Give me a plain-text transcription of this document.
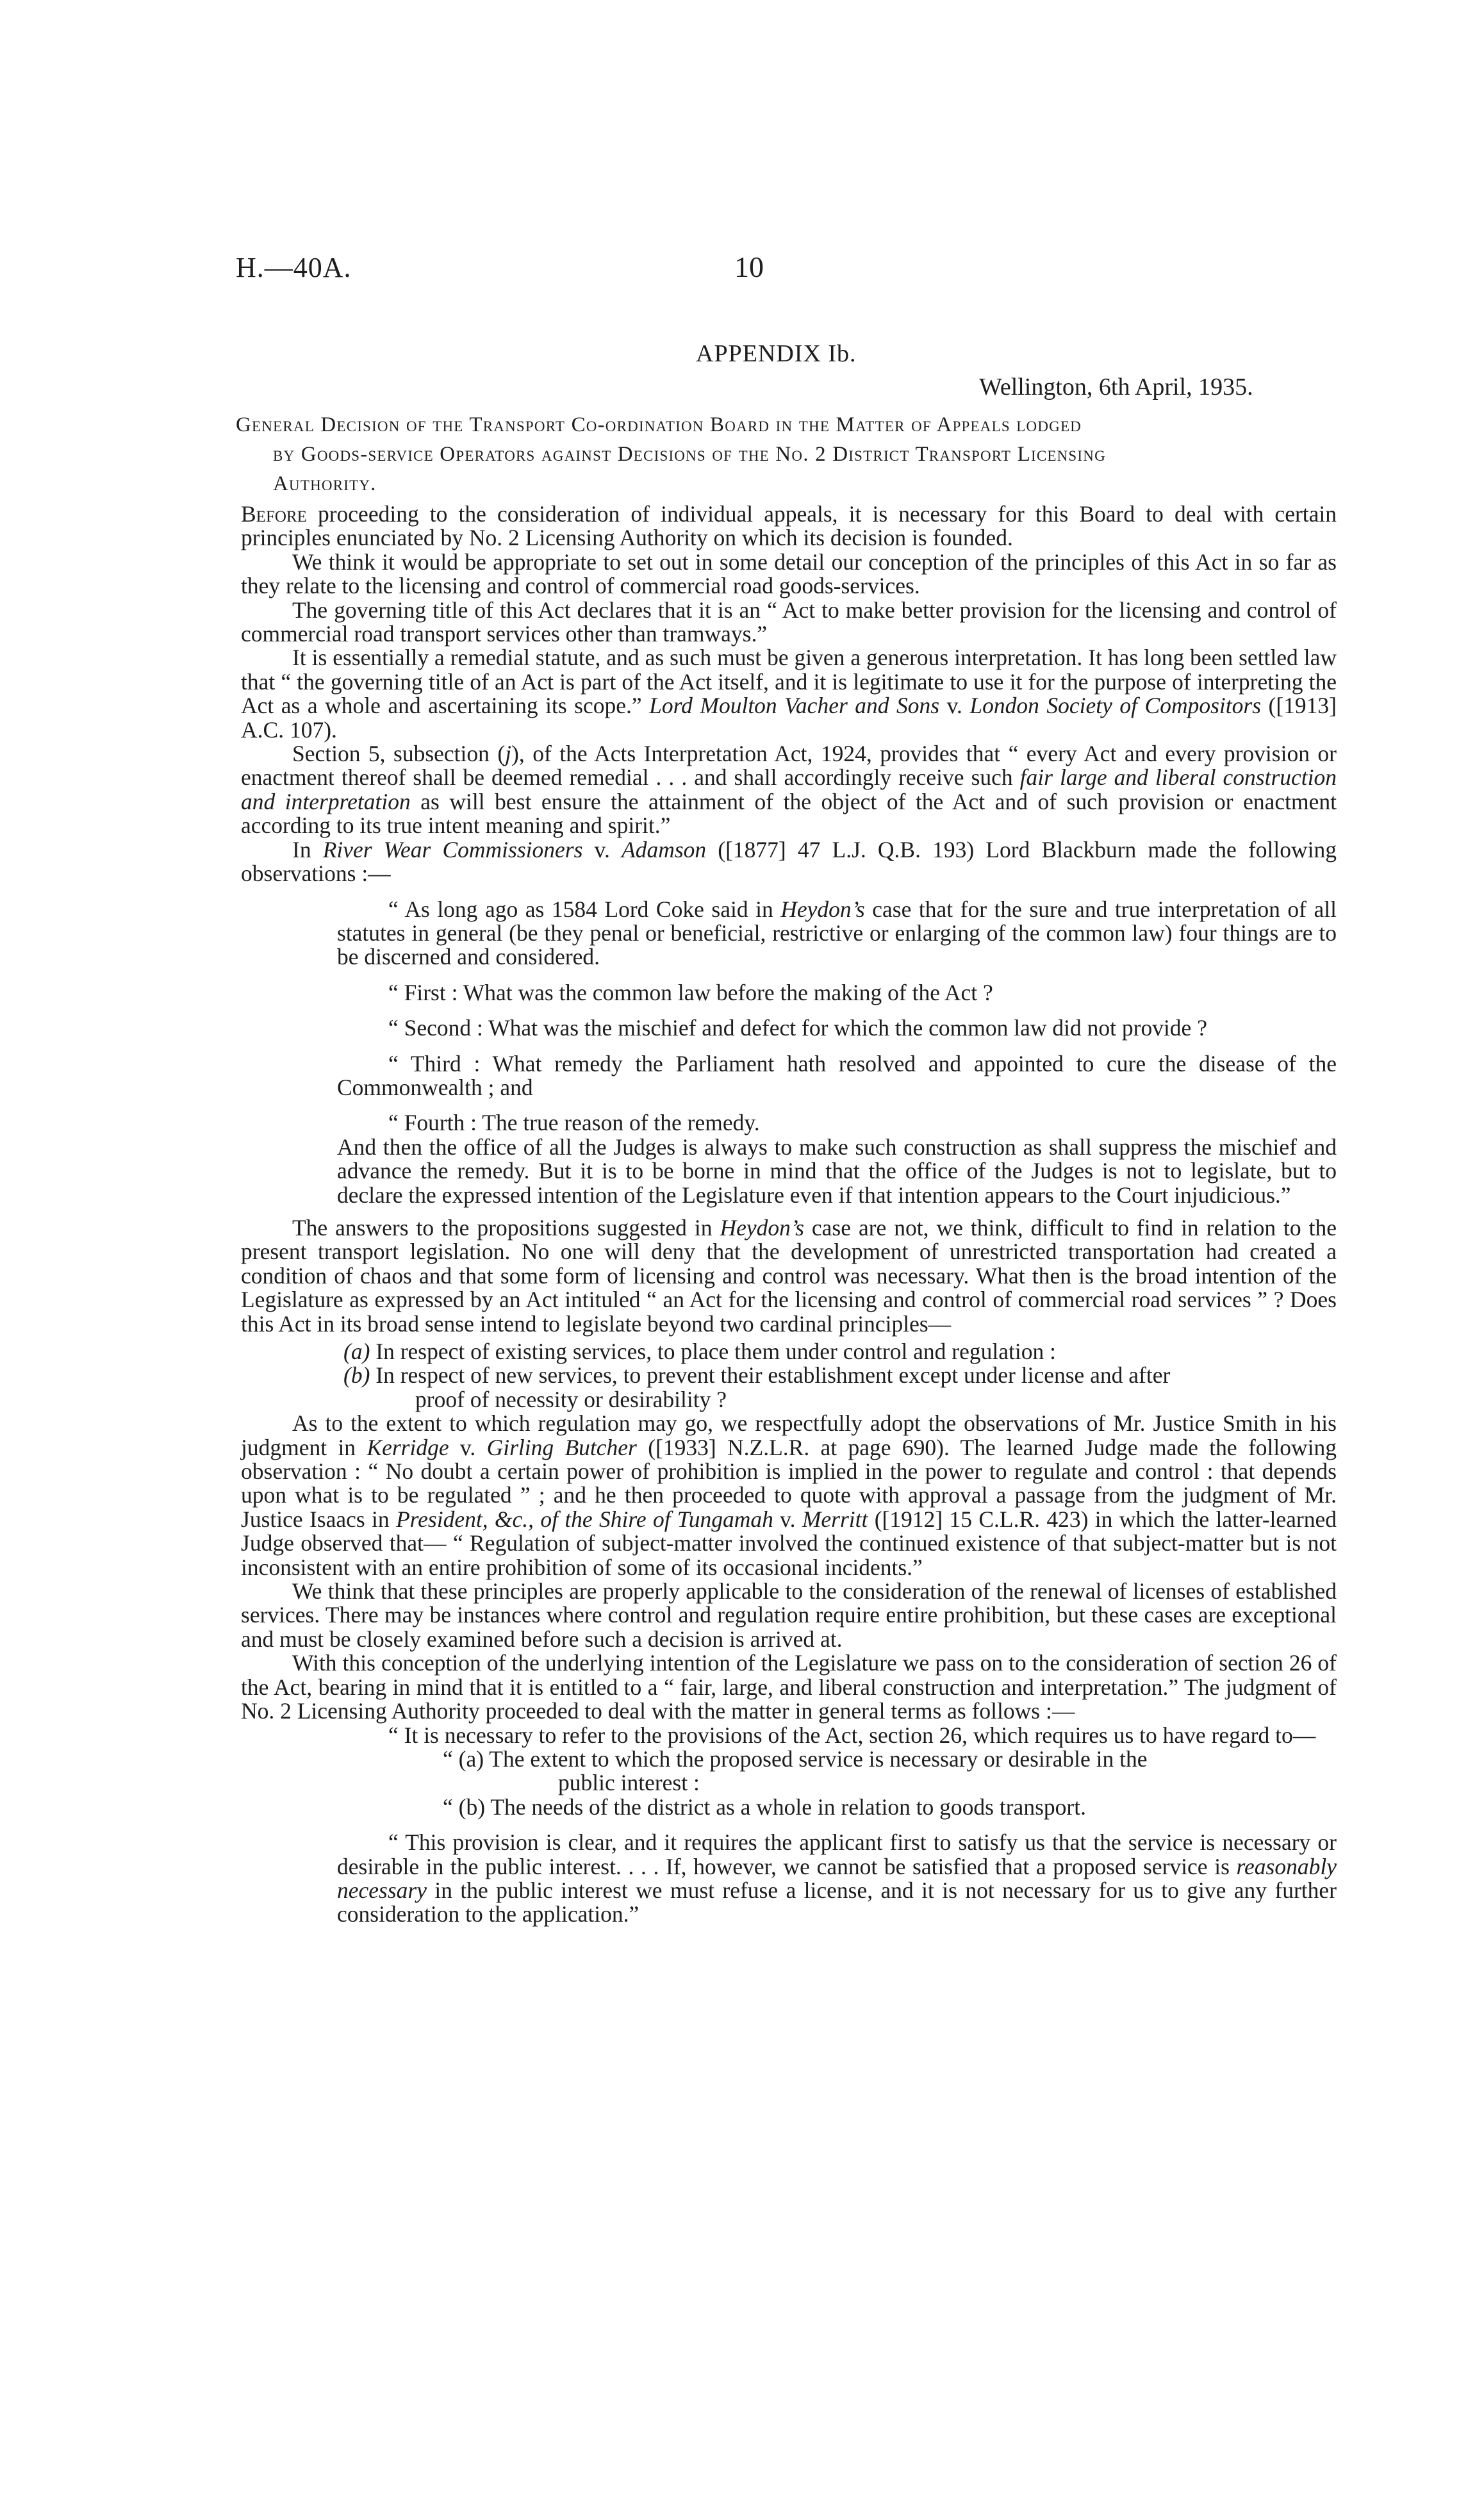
H.—40A.	10
APPENDIX Ib.
Wellington, 6th April, 1935.
General Decision of the Transport Co-ordination Board in the Matter of Appeals lodged
by Goods-service Operators against Decisions of the No. 2 District Transport Licensing
Authority.

Before proceeding to the consideration of individual appeals, it is necessary for this Board to deal with certain principles enunciated by No. 2 Licensing Authority on which its decision is founded.

We think it would be appropriate to set out in some detail our conception of the principles of this Act in so far as they relate to the licensing and control of commercial road goods-services.

The governing title of this Act declares that it is an “ Act to make better provision for the licensing and control of commercial road transport services other than tramways.”

It is essentially a remedial statute, and as such must be given a generous interpretation. It has long been settled law that “ the governing title of an Act is part of the Act itself, and it is legitimate to use it for the purpose of interpreting the Act as a whole and ascertaining its scope.” Lord Moulton Vacher and Sons v. London Society of Compositors ([1913] A.C. 107).

Section 5, subsection (j), of the Acts Interpretation Act, 1924, provides that “ every Act and every provision or enactment thereof shall be deemed remedial . . . and shall accordingly receive such fair large and liberal construction and interpretation as will best ensure the attainment of the object of the Act and of such provision or enactment according to its true intent meaning and spirit.”

In River Wear Commissioners v. Adamson ([1877] 47 L.J. Q.B. 193) Lord Blackburn made the following observations :—

“ As long ago as 1584 Lord Coke said in Heydon’s case that for the sure and true interpretation of all statutes in general (be they penal or beneficial, restrictive or enlarging of the common law) four things are to be discerned and considered.
“ First : What was the common law before the making of the Act ?
“ Second : What was the mischief and defect for which the common law did not provide ?
“ Third : What remedy the Parliament hath resolved and appointed to cure the disease of the Commonwealth ; and
“ Fourth : The true reason of the remedy.
And then the office of all the Judges is always to make such construction as shall suppress the mischief and advance the remedy. But it is to be borne in mind that the office of the Judges is not to legislate, but to declare the expressed intention of the Legislature even if that intention appears to the Court injudicious.”

The answers to the propositions suggested in Heydon’s case are not, we think, difficult to find in relation to the present transport legislation. No one will deny that the development of unrestricted transportation had created a condition of chaos and that some form of licensing and control was necessary. What then is the broad intention of the Legislature as expressed by an Act intituled “ an Act for the licensing and control of commercial road services ” ? Does this Act in its broad sense intend to legislate beyond two cardinal principles—

(a) In respect of existing services, to place them under control and regulation :
(b) In respect of new services, to prevent their establishment except under license and after
proof of necessity or desirability ?

As to the extent to which regulation may go, we respectfully adopt the observations of Mr. Justice Smith in his judgment in Kerridge v. Girling Butcher ([1933] N.Z.L.R. at page 690). The learned Judge made the following observation : “ No doubt a certain power of prohibition is implied in the power to regulate and control : that depends upon what is to be regulated ” ; and he then proceeded to quote with approval a passage from the judgment of Mr. Justice Isaacs in President, &c., of the Shire of Tungamah v. Merritt ([1912] 15 C.L.R. 423) in which the latter-learned Judge observed that— “ Regulation of subject-matter involved the continued existence of that subject-matter but is not inconsistent with an entire prohibition of some of its occasional incidents.”

We think that these principles are properly applicable to the consideration of the renewal of licenses of established services. There may be instances where control and regulation require entire prohibition, but these cases are exceptional and must be closely examined before such a decision is arrived at.

With this conception of the underlying intention of the Legislature we pass on to the consideration of section 26 of the Act, bearing in mind that it is entitled to a “ fair, large, and liberal construction and interpretation.” The judgment of No. 2 Licensing Authority proceeded to deal with the matter in general terms as follows :—

“ It is necessary to refer to the provisions of the Act, section 26, which requires us to have regard to—
“ (a) The extent to which the proposed service is necessary or desirable in the
public interest :
“ (b) The needs of the district as a whole in relation to goods transport.
“ This provision is clear, and it requires the applicant first to satisfy us that the service is necessary or desirable in the public interest. . . . If, however, we cannot be satisfied that a proposed service is reasonably necessary in the public interest we must refuse a license, and it is not necessary for us to give any further consideration to the application.”
